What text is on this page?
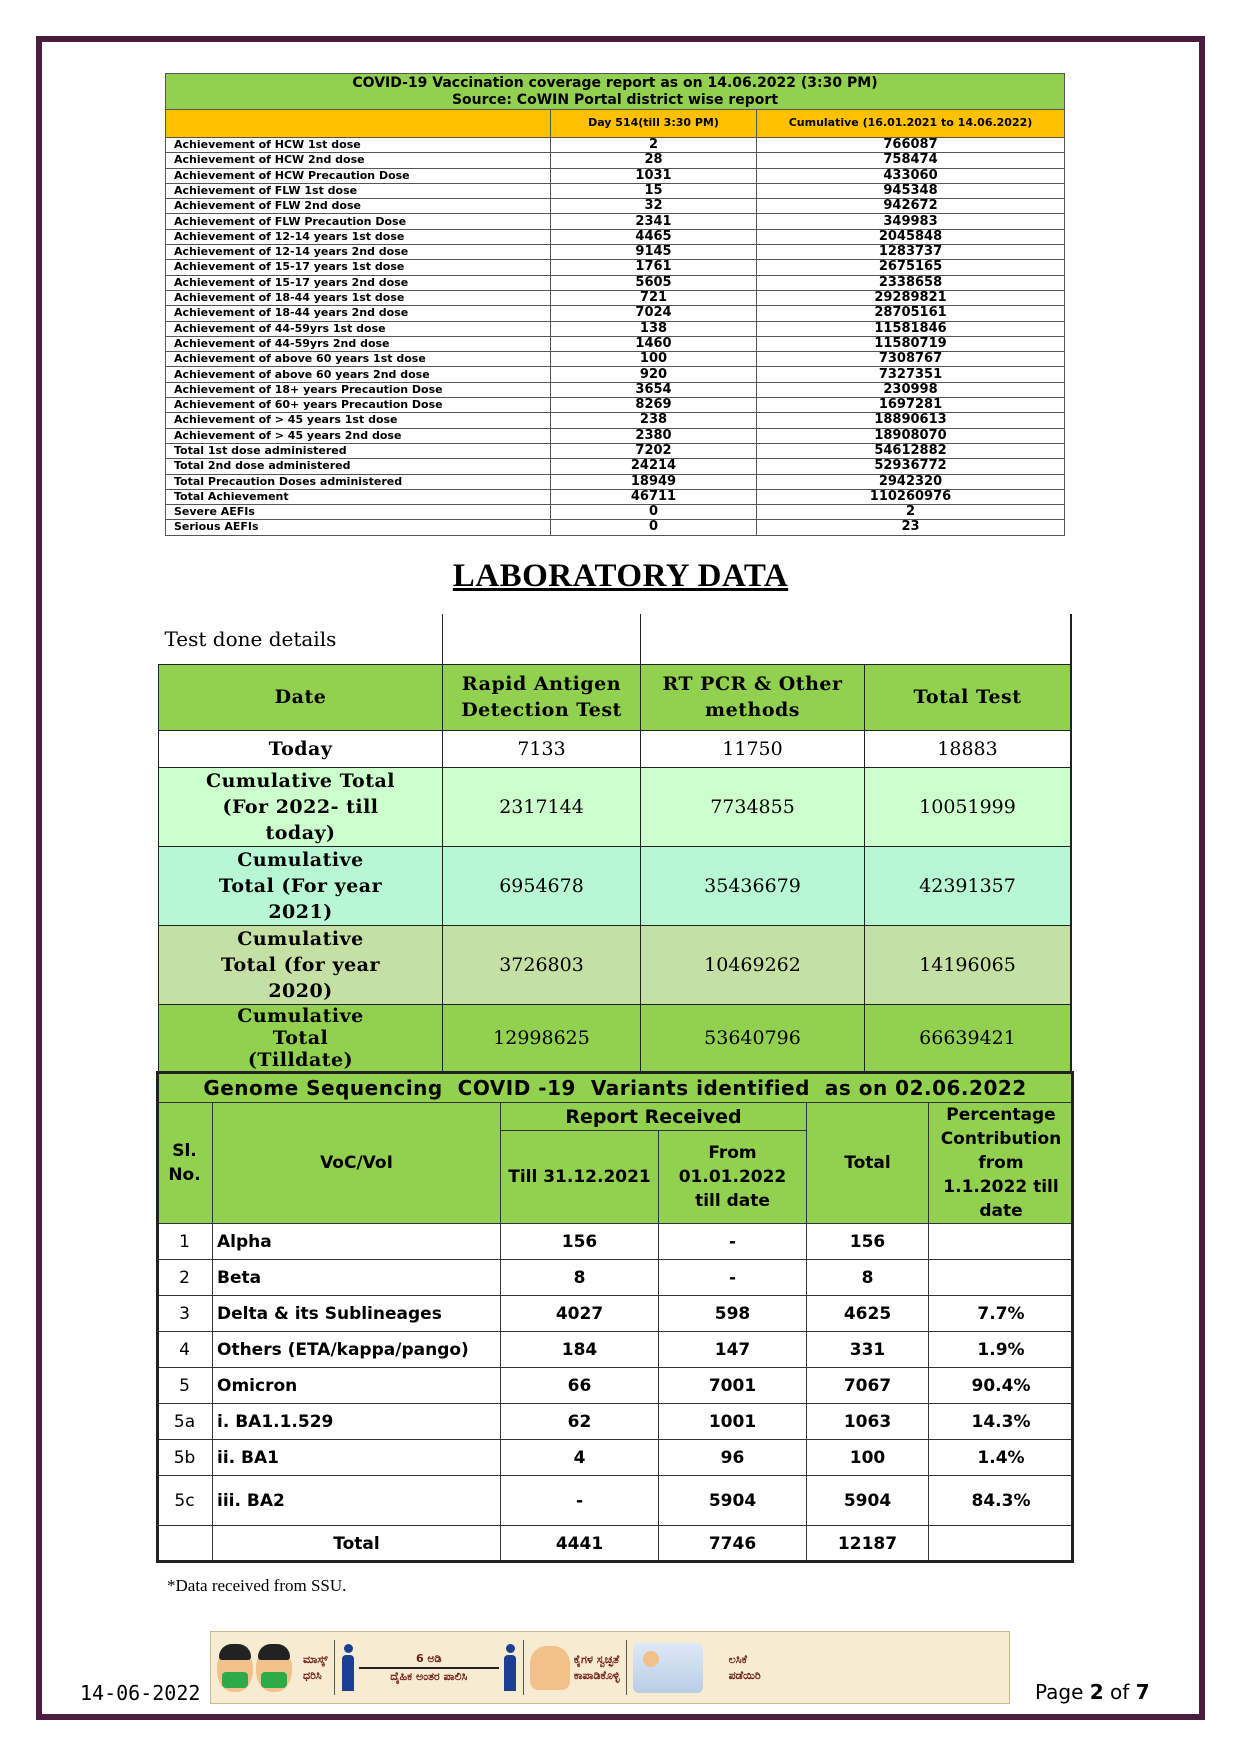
COVID-19 Vaccination coverage report as on 14.06.2022 (3:30 PM)
Source: CoWIN Portal district wise report		

	Day 514(till 3:30 PM)	Cumulative (16.01.2021 to 14.06.2022)
Achievement of HCW 1st dose	2	766087
Achievement of HCW 2nd dose	28	758474
Achievement of HCW Precaution Dose	1031	433060
Achievement of FLW 1st dose	15	945348
Achievement of FLW 2nd dose	32	942672
Achievement of FLW Precaution Dose	2341	349983
Achievement of 12-14 years 1st dose	4465	2045848
Achievement of 12-14 years 2nd dose	9145	1283737
Achievement of 15-17 years 1st dose	1761	2675165
Achievement of 15-17 years 2nd dose	5605	2338658
Achievement of 18-44 years 1st dose	721	29289821
Achievement of 18-44 years 2nd dose	7024	28705161
Achievement of 44-59yrs 1st dose	138	11581846
Achievement of 44-59yrs 2nd dose	1460	11580719
Achievement of above 60 years 1st dose	100	7308767
Achievement of above 60 years 2nd dose	920	7327351
Achievement of 18+ years Precaution Dose	3654	230998
Achievement of 60+ years Precaution Dose	8269	1697281
Achievement of > 45 years 1st dose	238	18890613
Achievement of > 45 years 2nd dose	2380	18908070
Total 1st dose administered	7202	54612882
Total 2nd dose administered	24214	52936772
Total Precaution Doses administered	18949	2942320
Total Achievement	46711	110260976
Severe AEFIs	0	2
Serious AEFIs	0	23
LABORATORY DATA
Test done details			
Date	Rapid Antigen Detection Test	RT PCR & Other methods	Total Test
Today	7133	11750	18883
Cumulative Total (For 2022- till today)	2317144	7734855	10051999
Cumulative Total (For year 2021)	6954678	35436679	42391357
Cumulative Total (for year 2020)	3726803	10469262	14196065
Cumulative Total (Tilldate)	12998625	53640796	66639421

Genome Sequencing  COVID -19  Variants identified  as on 02.06.2022					
Sl. No.	VoC/VoI	Report Received		Total	Percentage Contribution from 1.1.2022 till date
		Till 31.12.2021	From 01.01.2022 till date		
1	Alpha	156	-	156	
2	Beta	8	-	8	
3	Delta & its Sublineages	4027	598	4625	7.7%
4	Others (ETA/kappa/pango)	184	147	331	1.9%
5	Omicron	66	7001	7067	90.4%
5a	i. BA1.1.529	62	1001	1063	14.3%
5b	ii. BA1	4	96	100	1.4%
5c	iii. BA2	-	5904	5904	84.3%
	Total	4441	7746	12187	
*Data received from SSU.
ಮಾಸ್ಕ್
ಧರಿಸಿ
6 ಅಡಿ
ದೈಹಿಕ ಅಂತರ ಪಾಲಿಸಿ
ಕೈಗಳ ಸ್ವಚ್ಛತೆ
ಕಾಪಾಡಿಕೊಳ್ಳಿ
ಲಸಿಕೆ
ಪಡೆಯಿರಿ
14-06-2022	Page 2 of 7
